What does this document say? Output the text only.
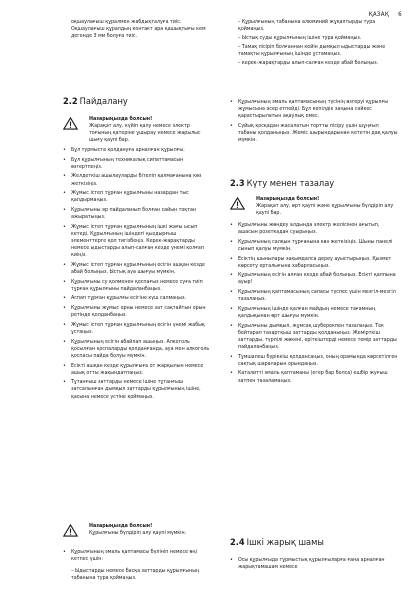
ҚАЗАҚ 6

оқшаулағыш құралмен жабдықталуға тиіс. Оқшаулағыш құралдың контакт ара қашықтығы кем дегенде 3 мм болуға тиіс.

2.2 Пайдалану

Назарыңызда болсын!

Жарақат алу, күйіп қалу немесе электр тоғының қатеріне ұшырау немесе жарылыс шығу қаупі бар.

• Бұл турмыстa қолдануға арналған құрылғы.
• Бұл құрылғының техникалық сипаттамасын өзгертпеңіз.
• Желдеткіш ашылауларды бітеліп қалмағанына көз жеткізіңіз.
• Жұмыс істеп тұрған құрылғыны назардан тыс қалдырмаңыз.
• Құрылғыны әр пайдаланып болған сайын тоқтан ажыратыңыз.
• Жұмыс істеп тұрған құрылғының ішкі жағы ысып кетеді. Құрылғының ішіндегі қыздырғыш элементтерге қол тигізбеңіз. Керек-жарақтарды немесе ыдыстарды алып-салған кезде үнемі қолғап киіңіз.
• Жұмыс істеп тұрған құрылғының есігін ашқан кезде абай болыңыз. Ыстық ауа шығуы мүмкін.
• Құрылғыны су қолменен қоспағыз немесе суға тиіп тұрған құрылғыны пайдаланбаңыз.
• Аспап тұрған құрылғы есігіне күш салмаңыз.
• Құрылғыны жұмыс орны немесе зат сақтайтын орын ретінде қолданбаңыз.
• Жұмыс істеп тұрған құрылғының есігін үнемі жабық ұстаңыз.
• Құрылғының есігін абайлап ашыңыз. Алкоголь қосылған қоспаларды қолданғанда, ауа мен алкоголь қоспасы пайда болуы мүмкін.
• Есікті ашқан кезде құрылғыға от жарқылын немесе ашық отты жақындатпаңыз.
• Тұтанғыш заттарды немесе ішіне тұтанғыш затсалынған дымқыл заттарды құрылғының ішіне, қасына немесе үстіне қоймаңыз.

Назарыңызда болсын!

Құрылғыны бүлдіріп алу қаупі мүмкін.

• Құрылғының эмаль қаптамасы бүлініп немесе өңі кетпес үшін:
– Ыдыстарды немесе басқа заттарды құрылғының табанына тура қоймаңыз.
– Құрылғының табанына алюминий жұқалтырды тура қоймаңыз.
– Ыстық суды құрылғының ішіне тура қоймаңыз.
– Тамақ пісіріп болғаннан кейін дымқыл ыдыстарды және тамақты құрылғының ішінде ұстамаңыз.
– керек-жарақтарды алып-салған кезде абай болыңыз.
• Құрылғының эмаль қаптамасының түсінің өзгеруі құрылғы жұмысына әсер етпейді. Бұл кепілдік заңына сәйкес қарастырылатын ақаулық емес.
• Сүйық қосқадан жасалатын тортты пісіру үшін шұңғыл табаны қолданыңыз. Жеміс шырындарынан кететін дақ қалуы мүмкін.
2.3 Күту менен тазалау

Назарыңызда болсын!

Жарақат алу, өрт қаупі және құрылғыны бүлдіріп алу қаупі бар.

• Құрылғыны жөндеу алдында электр желісінен ағытып, ашасын розеткадан суырыңыз.
• Құрылғының салқын тұрғанына көз жеткізіңіз. Шыны панелі сынып қалуы мүмкін.
• Есіктің шынылары зақымдалса дереу ауыстырыңыз. Қызмет көрсету орталығына хабарласыңыз.
• Құрылғының есігін алған кезде абай болыңыз. Есікті қалпына ауыр!
• Құрылғының қаптамасының сапасы түспес үшін мезгіл-мезгіл тазалаңыз.
• Құрылғының ішінде қалған майдың немесе тағамның қалдықынан өрт шығуы мүмкін.
• Құрылғыны дымқыл, жұмсақ шүберекпен тазалаңыз. Тек бейтарап тазартқыш заттарды қолданыңыз. Жемірткіш заттарды, түрпілі жөкені, еріткіштерді немесе темір заттарды пайдаланбаңыз.
• Тұмшапеш бүріккіш қолдансаңыз, оның орамында көрсетілген сақтық шараларын орындаңыз.
• Каталитті эмаль қаптаманы (егер бар болса) ешбір жуғыш затпен тазаламаңыз.
2.4 Ішкі жарық шамы
• Осы құрылғыда тұрмыстық құрылғыларға ғана арналған жарықтамашам немесе
